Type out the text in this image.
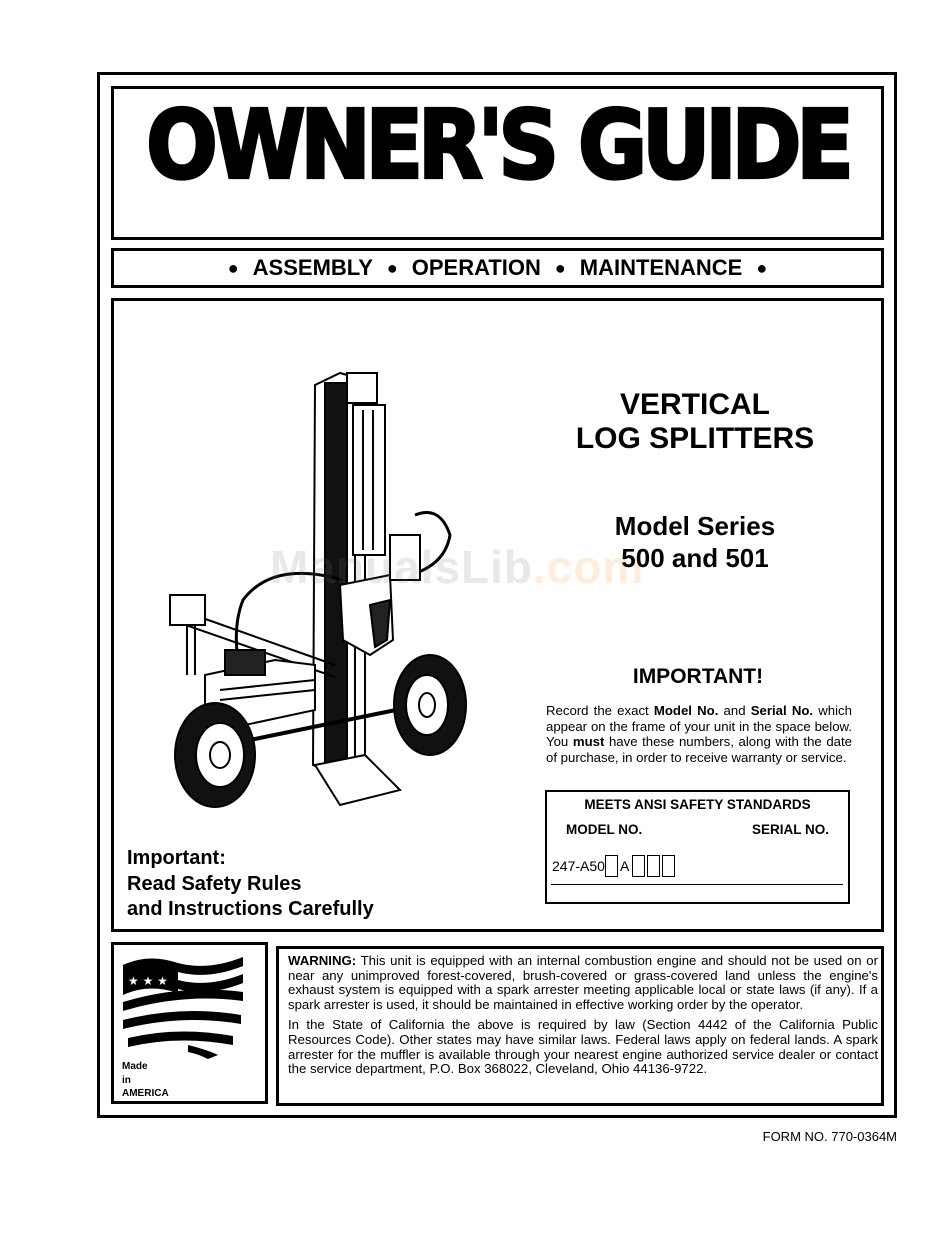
OWNER'S GUIDE
● ASSEMBLY ● OPERATION ● MAINTENANCE ●
ManualsLib.com
VERTICAL
LOG SPLITTERS
Model Series
500 and 501
IMPORTANT!
Record the exact Model No. and Serial No. which appear on the frame of your unit in the space below. You must have these numbers, along with the date of purchase, in order to receive warranty or service.
MEETS ANSI SAFETY STANDARDS
MODEL NO.	SERIAL NO.
247-A50 A
Important:
Read Safety Rules
and Instructions Carefully
★ ★ ★
Made
in
AMERICA

WARNING: This unit is equipped with an internal combustion engine and should not be used on or near any unimproved forest-covered, brush-covered or grass-covered land unless the engine's exhaust system is equipped with a spark arrester meeting applicable local or state laws (if any). If a spark arrester is used, it should be maintained in effective working order by the operator.

In the State of California the above is required by law (Section 4442 of the California Public Resources Code). Other states may have similar laws. Federal laws apply on federal lands. A spark arrester for the muffler is available through your nearest engine authorized service dealer or contact the service department, P.O. Box 368022, Cleveland, Ohio 44136-9722.

FORM NO. 770-0364M
